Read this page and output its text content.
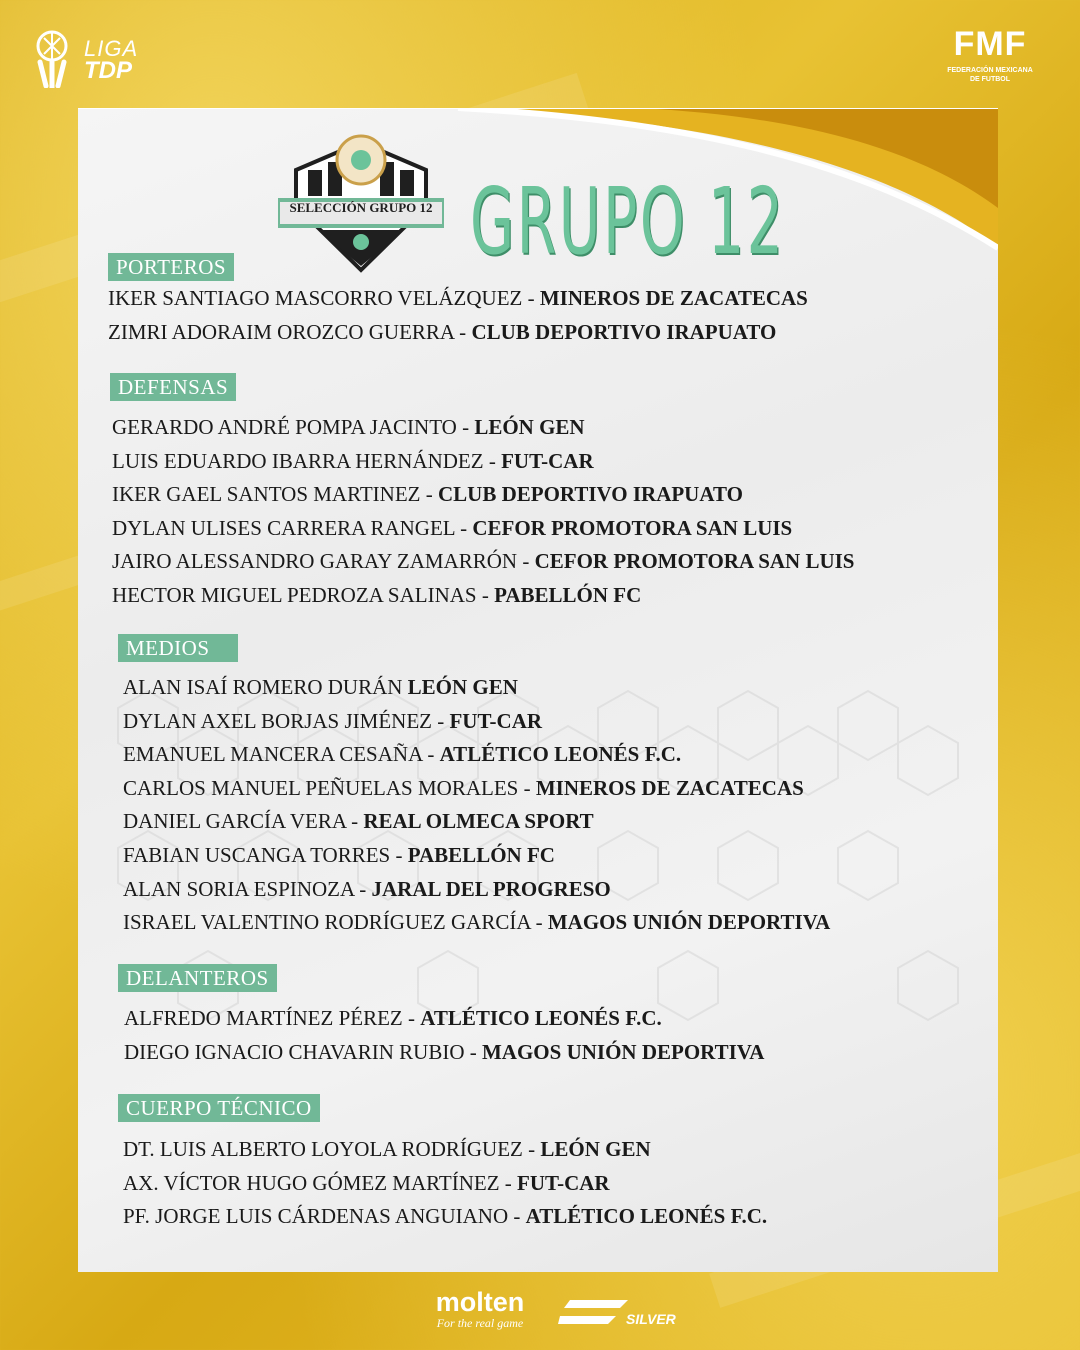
LIGA
TDP
FMF
FEDERACIÓN MEXICANA DE FUTBOL
SELECCIÓN GRUPO 12 GRUPO 12
PORTEROS
IKER SANTIAGO MASCORRO VELÁZQUEZ - MINEROS DE ZACATECAS
ZIMRI ADORAIM OROZCO GUERRA - CLUB DEPORTIVO IRAPUATO
DEFENSAS
GERARDO ANDRÉ POMPA JACINTO - LEÓN GEN
LUIS EDUARDO IBARRA HERNÁNDEZ - FUT-CAR
IKER GAEL SANTOS MARTINEZ - CLUB DEPORTIVO IRAPUATO
DYLAN ULISES CARRERA RANGEL - CEFOR PROMOTORA SAN LUIS
JAIRO ALESSANDRO GARAY ZAMARRÓN - CEFOR PROMOTORA SAN LUIS
HECTOR MIGUEL PEDROZA SALINAS - PABELLÓN FC
MEDIOS
ALAN ISAÍ ROMERO DURÁN LEÓN GEN
DYLAN AXEL BORJAS JIMÉNEZ - FUT-CAR
EMANUEL MANCERA CESAÑA - ATLÉTICO LEONÉS F.C.
CARLOS MANUEL PEÑUELAS MORALES - MINEROS DE ZACATECAS
DANIEL GARCÍA VERA - REAL OLMECA SPORT
FABIAN USCANGA TORRES - PABELLÓN FC
ALAN SORIA ESPINOZA - JARAL DEL PROGRESO
ISRAEL VALENTINO RODRÍGUEZ GARCÍA - MAGOS UNIÓN DEPORTIVA
DELANTEROS
ALFREDO MARTÍNEZ PÉREZ - ATLÉTICO LEONÉS F.C.
DIEGO IGNACIO CHAVARIN RUBIO - MAGOS UNIÓN DEPORTIVA
CUERPO TÉCNICO
DT. LUIS ALBERTO LOYOLA RODRÍGUEZ - LEÓN GEN
AX. VÍCTOR HUGO GÓMEZ MARTÍNEZ - FUT-CAR
PF. JORGE LUIS CÁRDENAS ANGUIANO - ATLÉTICO LEONÉS F.C.
molten
For the real game	SILVER
